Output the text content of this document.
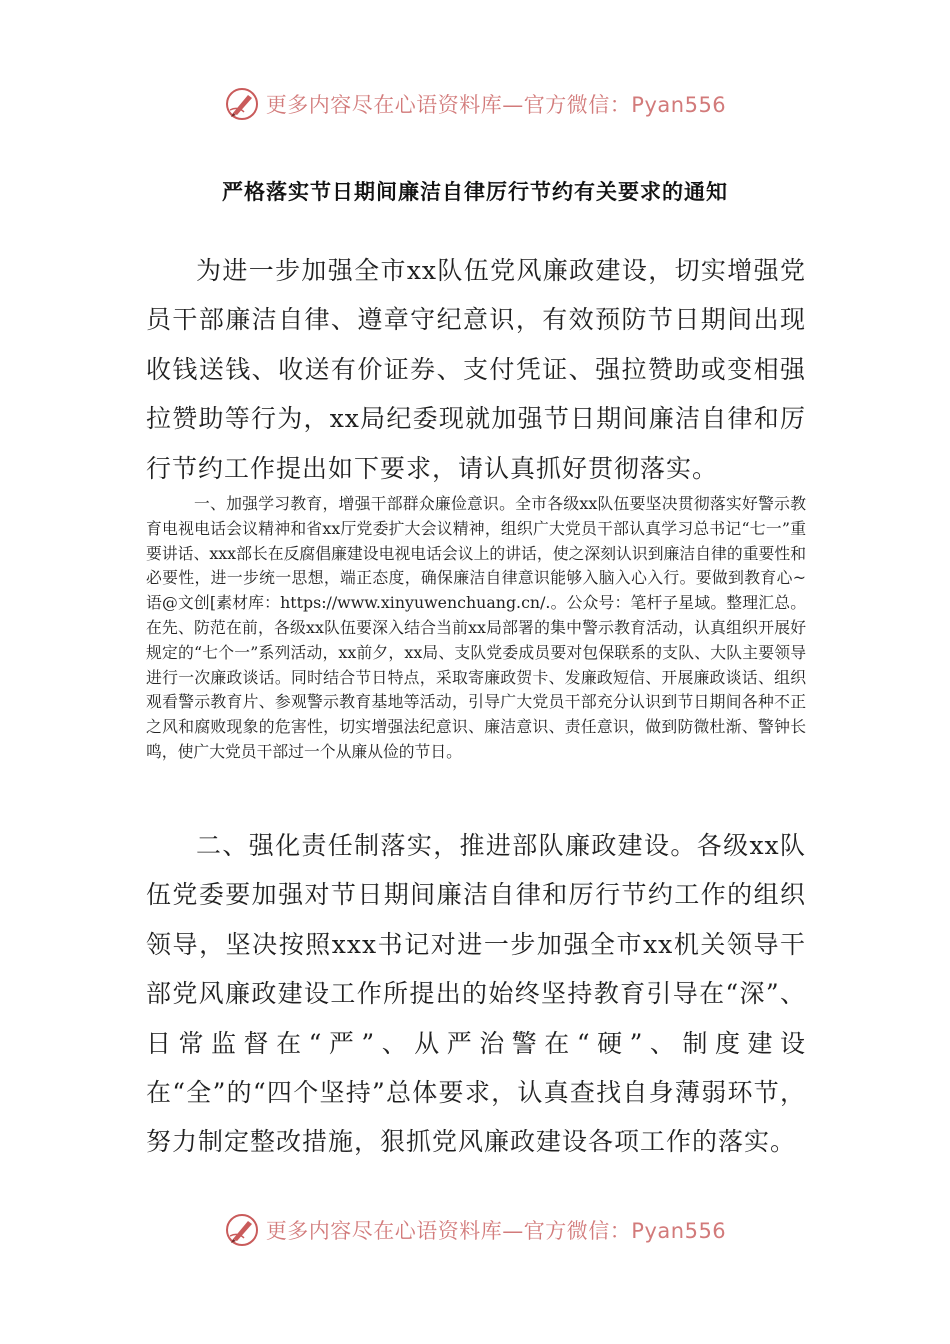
更多内容尽在心语资料库—官方微信：Pyan556
严格落实节日期间廉洁自律厉行节约有关要求的通知

为进一步加强全市xx队伍党风廉政建设，切实增强党员干部廉洁自律、遵章守纪意识，有效预防节日期间出现收钱送钱、收送有价证券、支付凭证、强拉赞助或变相强拉赞助等行为，xx局纪委现就加强节日期间廉洁自律和厉行节约工作提出如下要求，请认真抓好贯彻落实。

一、加强学习教育，增强干部群众廉俭意识。全市各级xx队伍要坚决贯彻落实好警示教育电视电话会议精神和省xx厅党委扩大会议精神，组织广大党员干部认真学习总书记“七一”重要讲话、xxx部长在反腐倡廉建设电视电话会议上的讲话，使之深刻认识到廉洁自律的重要性和必要性，进一步统一思想，端正态度，确保廉洁自律意识能够入脑入心入行。要做到教育心~语@文创[素材库：https://www.xinyuwenchuang.cn/.。公众号：笔杆子星域。整理汇总。在先、防范在前，各级xx队伍要深入结合当前xx局部署的集中警示教育活动，认真组织开展好规定的“七个一”系列活动，xx前夕，xx局、支队党委成员要对包保联系的支队、大队主要领导进行一次廉政谈话。同时结合节日特点，采取寄廉政贺卡、发廉政短信、开展廉政谈话、组织观看警示教育片、参观警示教育基地等活动，引导广大党员干部充分认识到节日期间各种不正之风和腐败现象的危害性，切实增强法纪意识、廉洁意识、责任意识，做到防微杜渐、警钟长鸣，使广大党员干部过一个从廉从俭的节日。

二、强化责任制落实，推进部队廉政建设。各级xx队伍党委要加强对节日期间廉洁自律和厉行节约工作的组织领导，坚决按照xxx书记对进一步加强全市xx机关领导干部党风廉政建设工作所提出的始终坚持教育引导在“深”、日常监督在“严”、从严治警在“硬”、制度建设在“全”的“四个坚持”总体要求，认真查找自身薄弱环节，努力制定整改措施，狠抓党风廉政建设各项工作的落实。

更多内容尽在心语资料库—官方微信：Pyan556
